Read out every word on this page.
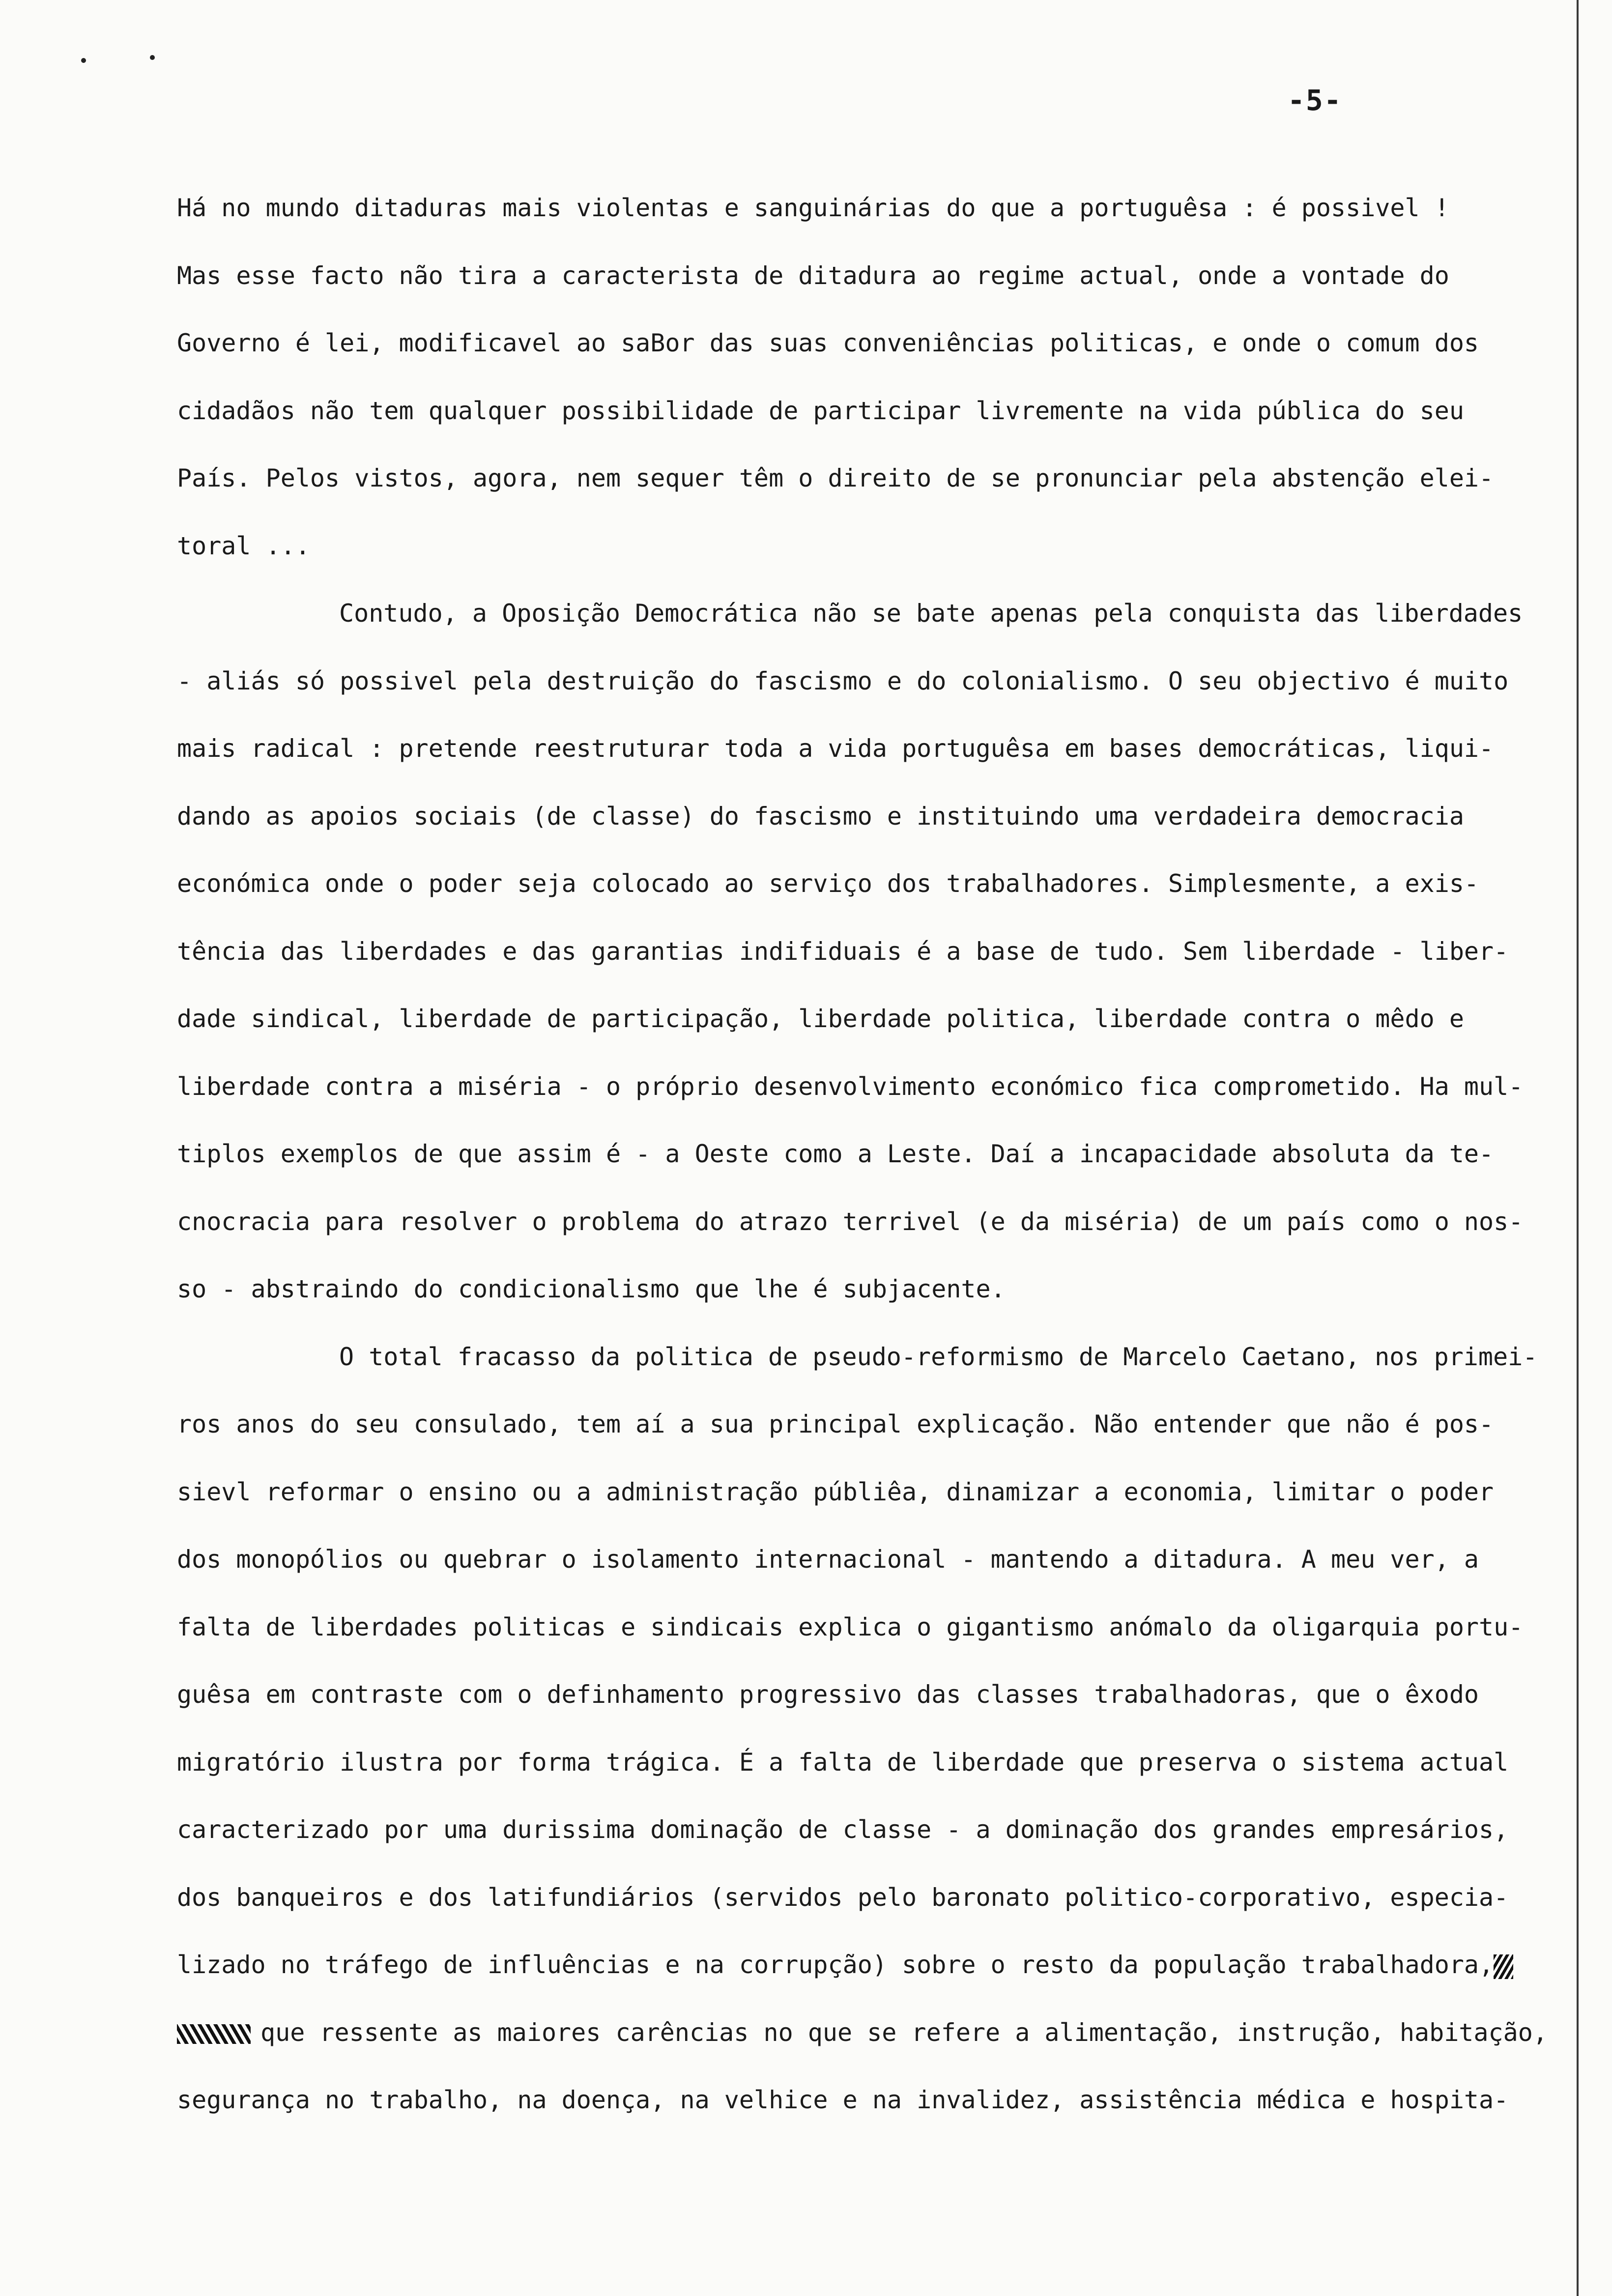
-5-
Há no mundo ditaduras mais violentas e sanguinárias do que a portuguêsa : é possivel !
Mas esse facto não tira a caracterista de ditadura ao regime actual, onde a vontade do
Governo é lei, modificavel ao saBor das suas conveniências politicas, e onde o comum dos
cidadãos não tem qualquer possibilidade de participar livremente na vida pública do seu
País. Pelos vistos, agora, nem sequer têm o direito de se pronunciar pela abstenção elei-
toral ...
Contudo, a Oposição Democrática não se bate apenas pela conquista das liberdades
- aliás só possivel pela destruição do fascismo e do colonialismo. O seu objectivo é muito
mais radical : pretende reestruturar toda a vida portuguêsa em bases democráticas, liqui-
dando as apoios sociais (de classe) do fascismo e instituindo uma verdadeira democracia
económica onde o poder seja colocado ao serviço dos trabalhadores. Simplesmente, a exis-
tência das liberdades e das garantias indifiduais é a base de tudo. Sem liberdade - liber-
dade sindical, liberdade de participação, liberdade politica, liberdade contra o mêdo e
liberdade contra a miséria - o próprio desenvolvimento económico fica comprometido. Ha mul-
tiplos exemplos de que assim é - a Oeste como a Leste. Daí a incapacidade absoluta da te-
cnocracia para resolver o problema do atrazo terrivel (e da miséria) de um país como o nos-
so - abstraindo do condicionalismo que lhe é subjacente.
O total fracasso da politica de pseudo-reformismo de Marcelo Caetano, nos primei-
ros anos do seu consulado, tem aí a sua principal explicação. Não entender que não é pos-
sievl reformar o ensino ou a administração públiêa, dinamizar a economia, limitar o poder
dos monopólios ou quebrar o isolamento internacional - mantendo a ditadura. A meu ver, a
falta de liberdades politicas e sindicais explica o gigantismo anómalo da oligarquia portu-
guêsa em contraste com o definhamento progressivo das classes trabalhadoras, que o êxodo
migratório ilustra por forma trágica. É a falta de liberdade que preserva o sistema actual
caracterizado por uma durissima dominação de classe - a dominação dos grandes empresários,
dos banqueiros e dos latifundiários (servidos pelo baronato politico-corporativo, especia-
lizado no tráfego de influências e na corrupção) sobre o resto da população trabalhadora,
que ressente as maiores carências no que se refere a alimentação, instrução, habitação,
segurança no trabalho, na doença, na velhice e na invalidez, assistência médica e hospita-
